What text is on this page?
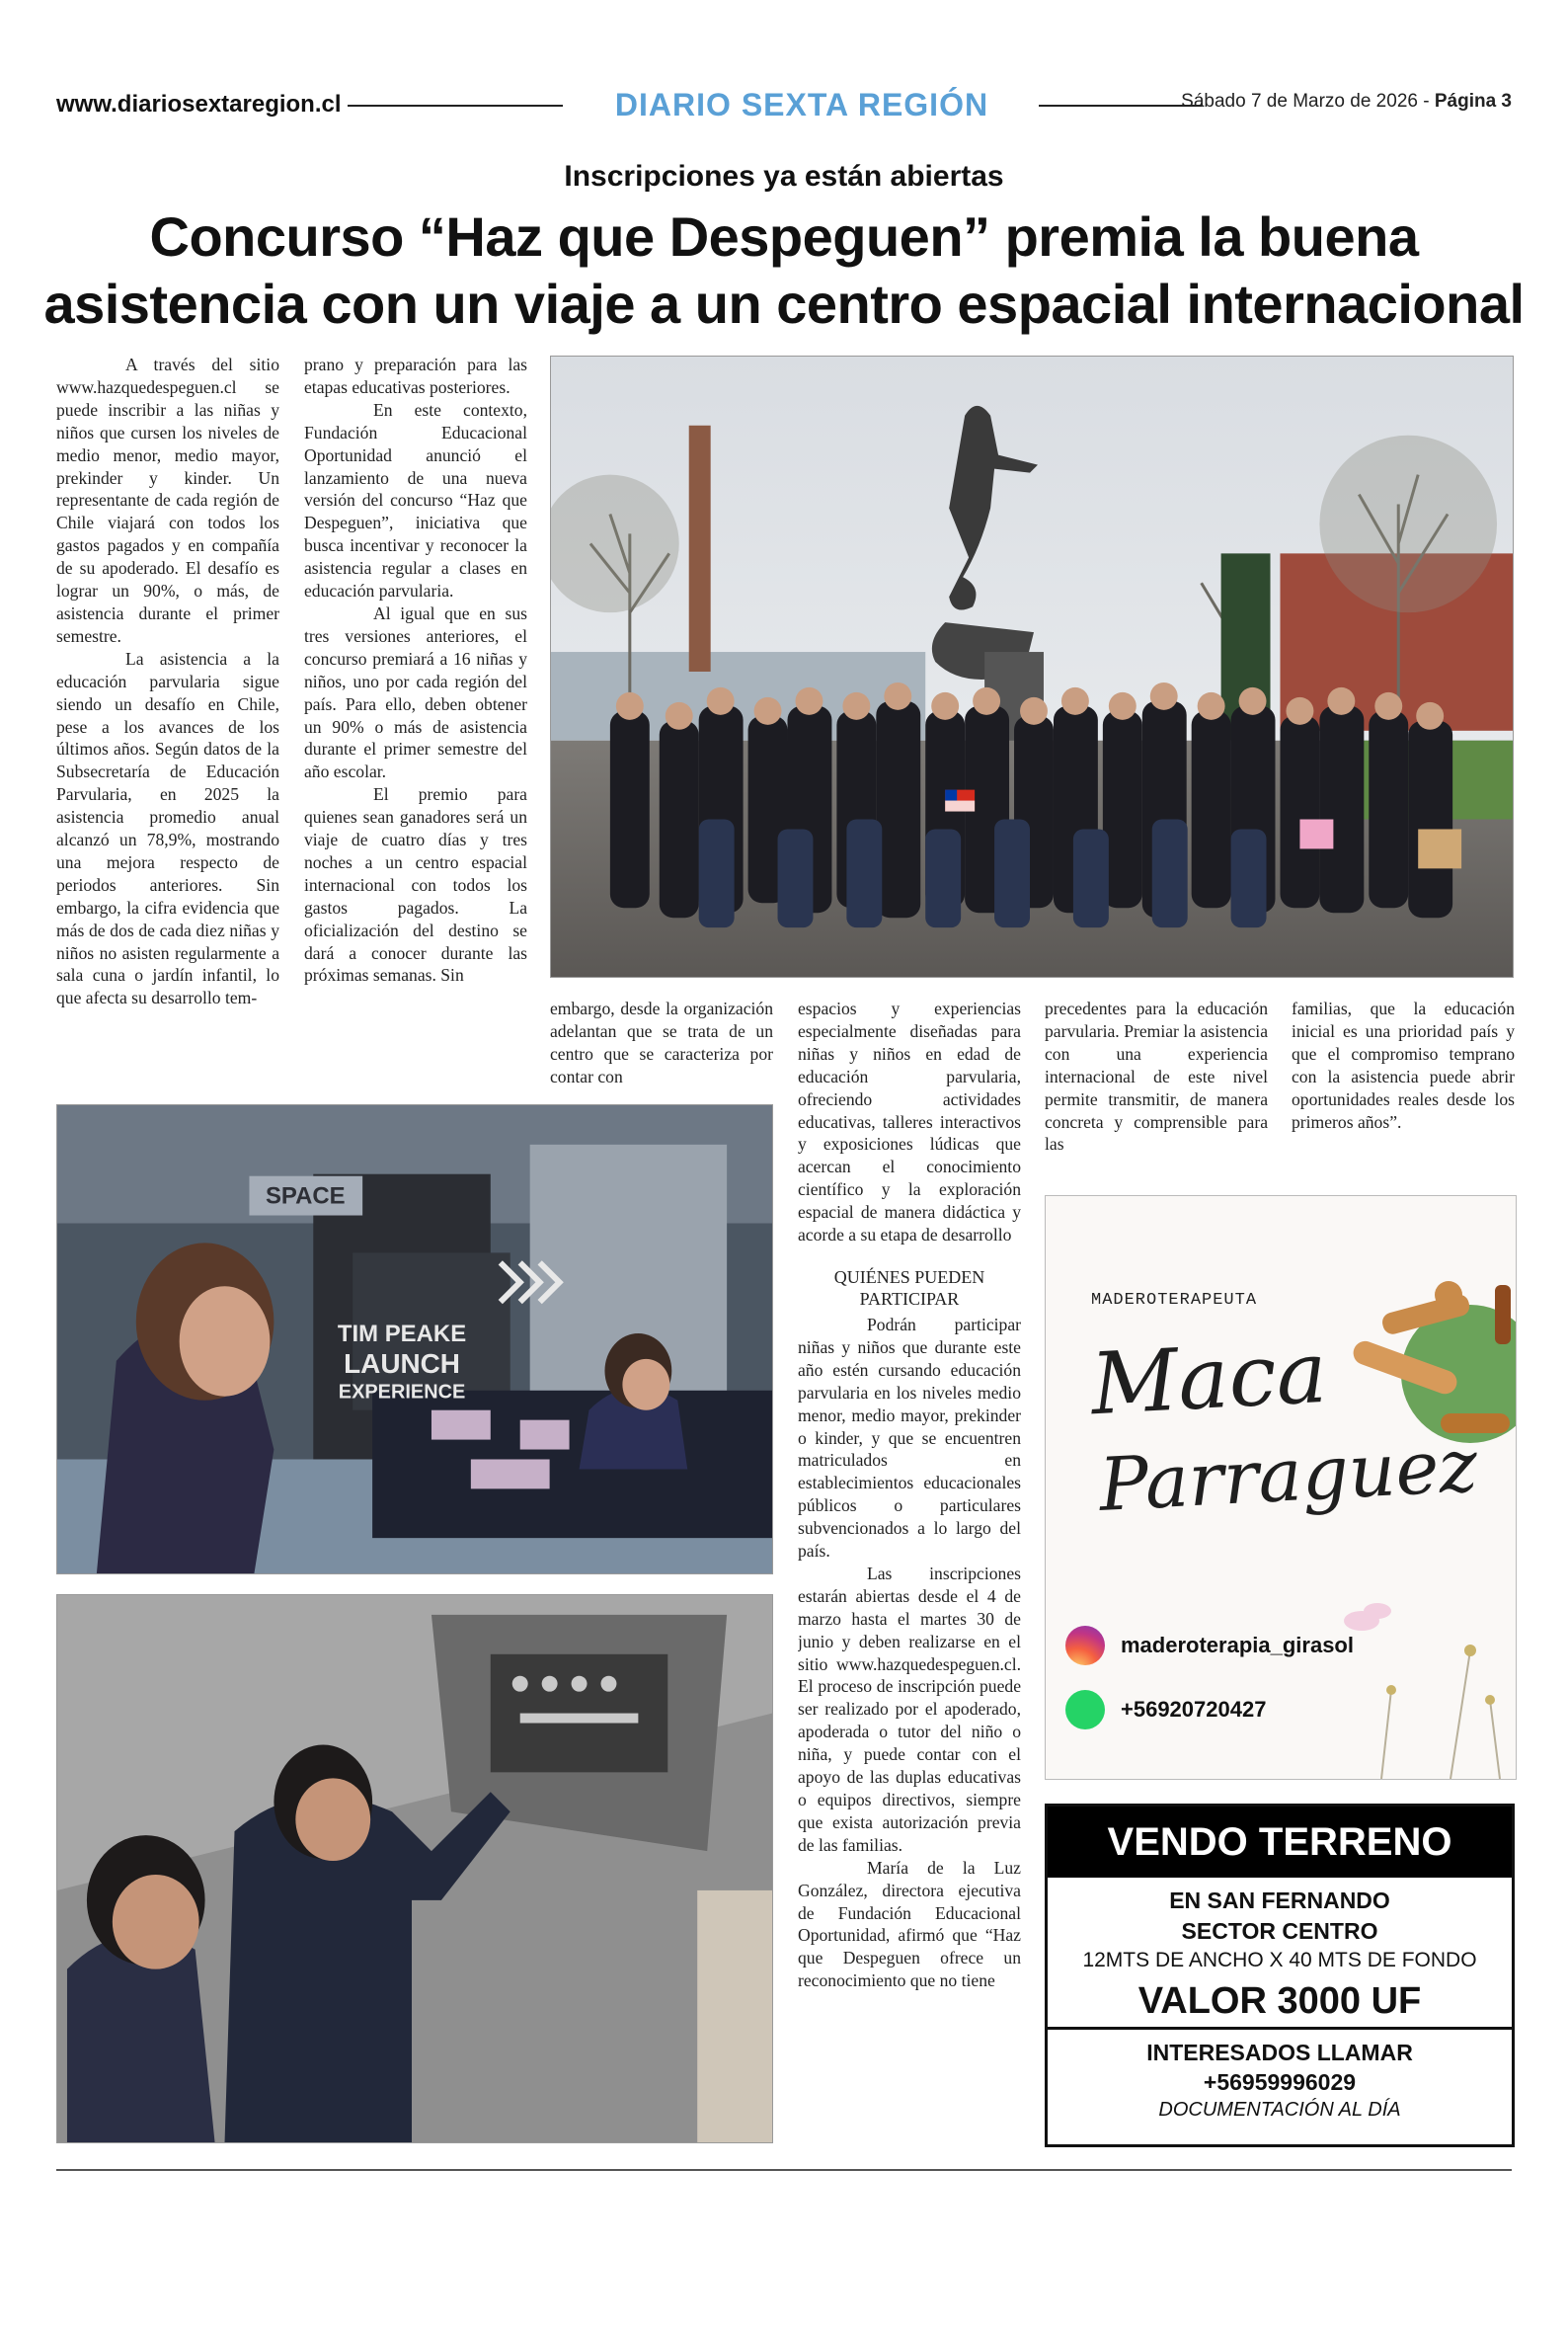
www.diariosextaregion.cl	DIARIO SEXTA REGIÓN	Sábado 7 de Marzo de 2026 - Página 3
Inscripciones ya están abiertas
Concurso “Haz que Despeguen” premia la buena
asistencia con un viaje a un centro espacial internacional

A través del sitio www.hazquedespeguen.cl se puede inscribir a las niñas y niños que cursen los niveles de medio menor, medio mayor, prekinder y kinder. Un representante de cada región de Chile viajará con todos los gastos pagados y en compañía de su apoderado. El desafío es lograr un 90%, o más, de asistencia durante el primer semestre.

La asistencia a la educación parvularia sigue siendo un desafío en Chile, pese a los avances de los últimos años. Según datos de la Subsecretaría de Educación Parvularia, en 2025 la asistencia promedio anual alcanzó un 78,9%, mostrando una mejora respecto de periodos anteriores. Sin embargo, la cifra evidencia que más de dos de cada diez niñas y niños no asisten regularmente a sala cuna o jardín infantil, lo que afecta su desarrollo tem-

prano y preparación para las etapas educativas posteriores.

En este contexto, Fundación Educacional Oportunidad anunció el lanzamiento de una nueva versión del concurso “Haz que Despeguen”, iniciativa que busca incentivar y reconocer la asistencia regular a clases en educación parvularia.

Al igual que en sus tres versiones anteriores, el concurso premiará a 16 niñas y niños, uno por cada región del país. Para ello, deben obtener un 90% o más de asistencia durante el primer semestre del año escolar.

El premio para quienes sean ganadores será un viaje de cuatro días y tres noches a un centro espacial internacional con todos los gastos pagados. La oficialización del destino se dará a conocer durante las próximas semanas. Sin

embargo, desde la organización adelantan que se trata de un centro que se caracteriza por contar con

SPACE
TIM PEAKE
LAUNCH
EXPERIENCE

espacios y experiencias especialmente diseñadas para niñas y niños en edad de educación parvularia, ofreciendo actividades educativas, talleres interactivos y exposiciones lúdicas que acercan el conocimiento científico y la exploración espacial de manera didáctica y acorde a su etapa de desarrollo

QUIÉNES PUEDEN PARTICIPAR

Podrán participar niñas y niños que durante este año estén cursando educación parvularia en los niveles medio menor, medio mayor, prekinder o kinder, y que se encuentren matriculados en establecimientos educacionales públicos o particulares subvencionados a lo largo del país.

Las inscripciones estarán abiertas desde el 4 de marzo hasta el martes 30 de junio y deben realizarse en el sitio www.hazquedespeguen.cl. El proceso de inscripción puede ser realizado por el apoderado, apoderada o tutor del niño o niña, y puede contar con el apoyo de las duplas educativas o equipos directivos, siempre que exista autorización previa de las familias.

María de la Luz González, directora ejecutiva de Fundación Educacional Oportunidad, afirmó que “Haz que Despeguen ofrece un reconocimiento que no tiene

precedentes para la educación parvularia. Premiar la asistencia con una experiencia internacional de este nivel permite transmitir, de manera concreta y comprensible para las

familias, que la educación inicial es una prioridad país y que el compromiso temprano con la asistencia puede abrir oportunidades reales desde los primeros años”.

MADEROTERAPEUTA
Maca
Parraguez
maderoterapia_girasol
+56920720427
VENDO TERRENO
EN SAN FERNANDO
SECTOR CENTRO
12MTS DE ANCHO X 40 MTS DE FONDO
VALOR 3000 UF
INTERESADOS LLAMAR
+56959996029
DOCUMENTACIÓN AL DÍA
